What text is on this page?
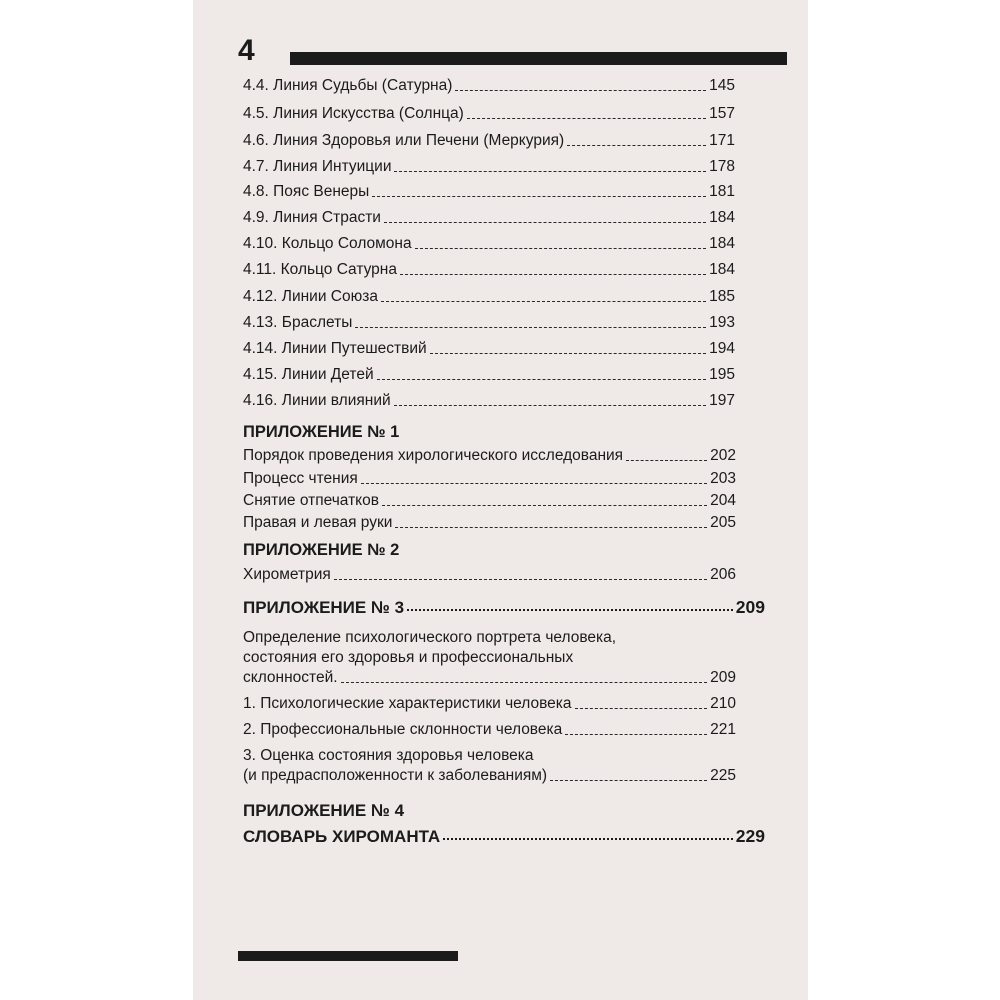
4
4.4. Линия Судьбы (Сатурна)	145
4.5. Линия Искусства (Солнца)	157
4.6. Линия Здоровья или Печени (Меркурия)	171
4.7. Линия Интуиции	178
4.8. Пояс Венеры	181
4.9. Линия Страсти	184
4.10. Кольцо Соломона	184
4.11. Кольцо Сатурна	184
4.12. Линии Союза	185
4.13. Браслеты	193
4.14. Линии Путешествий	194
4.15. Линии Детей	195
4.16. Линии влияний	197
ПРИЛОЖЕНИЕ № 1
Порядок проведения хирологического исследования	202
Процесс чтения	203
Снятие отпечатков	204
Правая и левая руки	205
ПРИЛОЖЕНИЕ № 2
Хирометрия	206
ПРИЛОЖЕНИЕ № 3	209
Определение психологического портрета человека,
состояния его здоровья и профессиональных
склонностей.	209
1. Психологические характеристики человека	210
2. Профессиональные склонности человека	221
3. Оценка состояния здоровья человека
(и предрасположенности к заболеваниям)	225
ПРИЛОЖЕНИЕ № 4
СЛОВАРЬ ХИРОМАНТА	229
